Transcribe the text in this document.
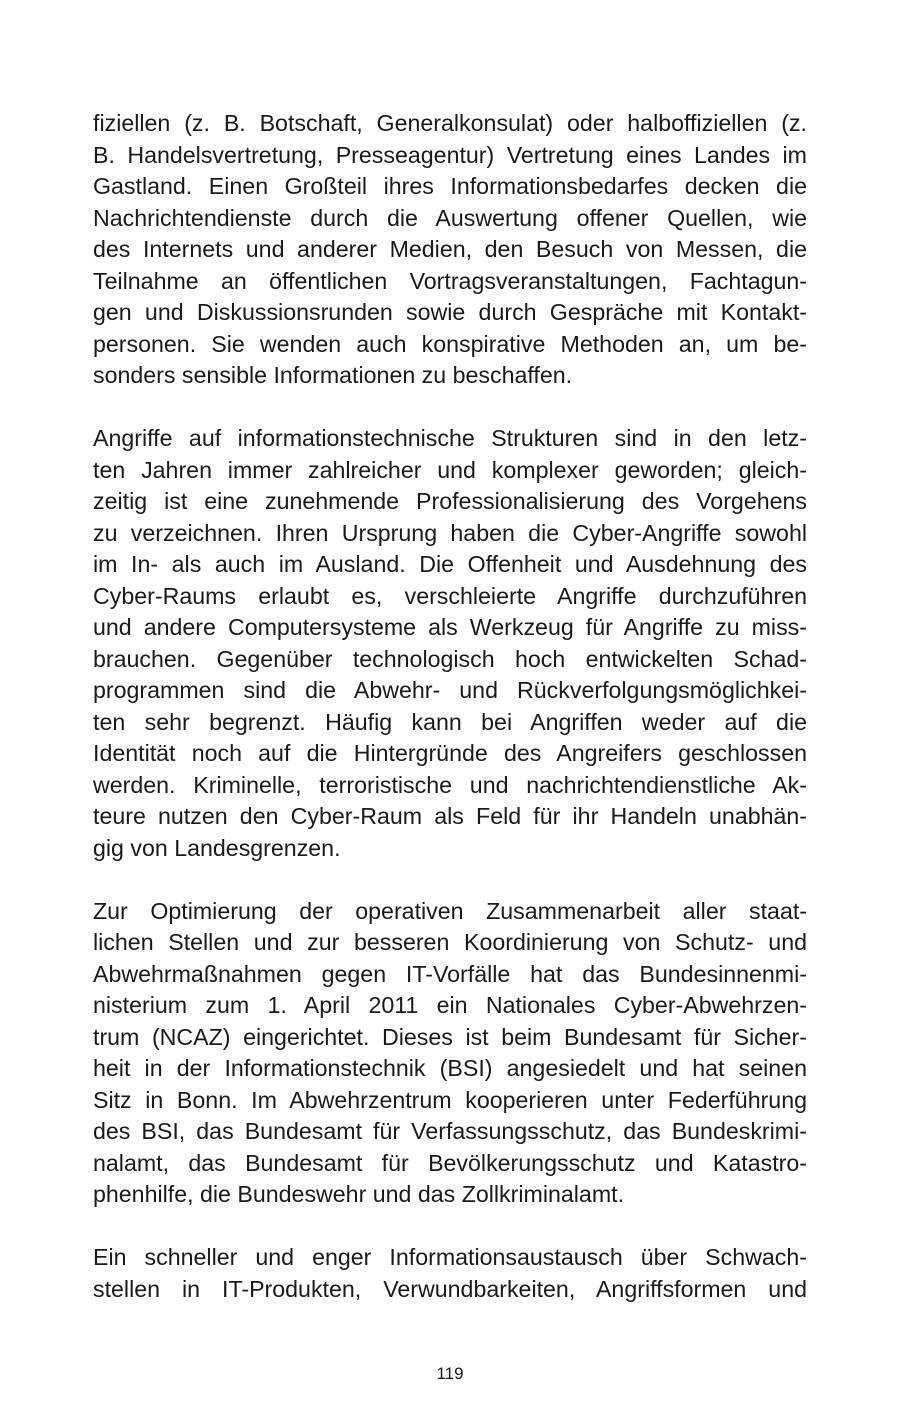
fiziellen (z. B. Botschaft, Generalkonsulat) oder halboffiziellen (z.
B. Handelsvertretung, Presseagentur) Vertretung eines Landes im
Gastland. Einen Großteil ihres Informationsbedarfes decken die
Nachrichtendienste durch die Auswertung offener Quellen, wie
des Internets und anderer Medien, den Besuch von Messen, die
Teilnahme an öffentlichen Vortragsveranstaltungen, Fachtagun-
gen und Diskussionsrunden sowie durch Gespräche mit Kontakt-
personen. Sie wenden auch konspirative Methoden an, um be-
sonders sensible Informationen zu beschaffen.

Angriffe auf informationstechnische Strukturen sind in den letz-
ten Jahren immer zahlreicher und komplexer geworden; gleich-
zeitig ist eine zunehmende Professionalisierung des Vorgehens
zu verzeichnen. Ihren Ursprung haben die Cyber-Angriffe sowohl
im In- als auch im Ausland. Die Offenheit und Ausdehnung des
Cyber-Raums erlaubt es, verschleierte Angriffe durchzuführen
und andere Computersysteme als Werkzeug für Angriffe zu miss-
brauchen. Gegenüber technologisch hoch entwickelten Schad-
programmen sind die Abwehr- und Rückverfolgungsmöglichkei-
ten sehr begrenzt. Häufig kann bei Angriffen weder auf die
Identität noch auf die Hintergründe des Angreifers geschlossen
werden. Kriminelle, terroristische und nachrichtendienstliche Ak-
teure nutzen den Cyber-Raum als Feld für ihr Handeln unabhän-
gig von Landesgrenzen.

Zur Optimierung der operativen Zusammenarbeit aller staat-
lichen Stellen und zur besseren Koordinierung von Schutz- und
Abwehrmaßnahmen gegen IT-Vorfälle hat das Bundesinnenmi-
nisterium zum 1. April 2011 ein Nationales Cyber-Abwehrzen-
trum (NCAZ) eingerichtet. Dieses ist beim Bundesamt für Sicher-
heit in der Informationstechnik (BSI) angesiedelt und hat seinen
Sitz in Bonn. Im Abwehrzentrum kooperieren unter Federführung
des BSI, das Bundesamt für Verfassungsschutz, das Bundeskrimi-
nalamt, das Bundesamt für Bevölkerungsschutz und Katastro-
phenhilfe, die Bundeswehr und das Zollkriminalamt.

Ein schneller und enger Informationsaustausch über Schwach-
stellen in IT-Produkten, Verwundbarkeiten, Angriffsformen und

119
